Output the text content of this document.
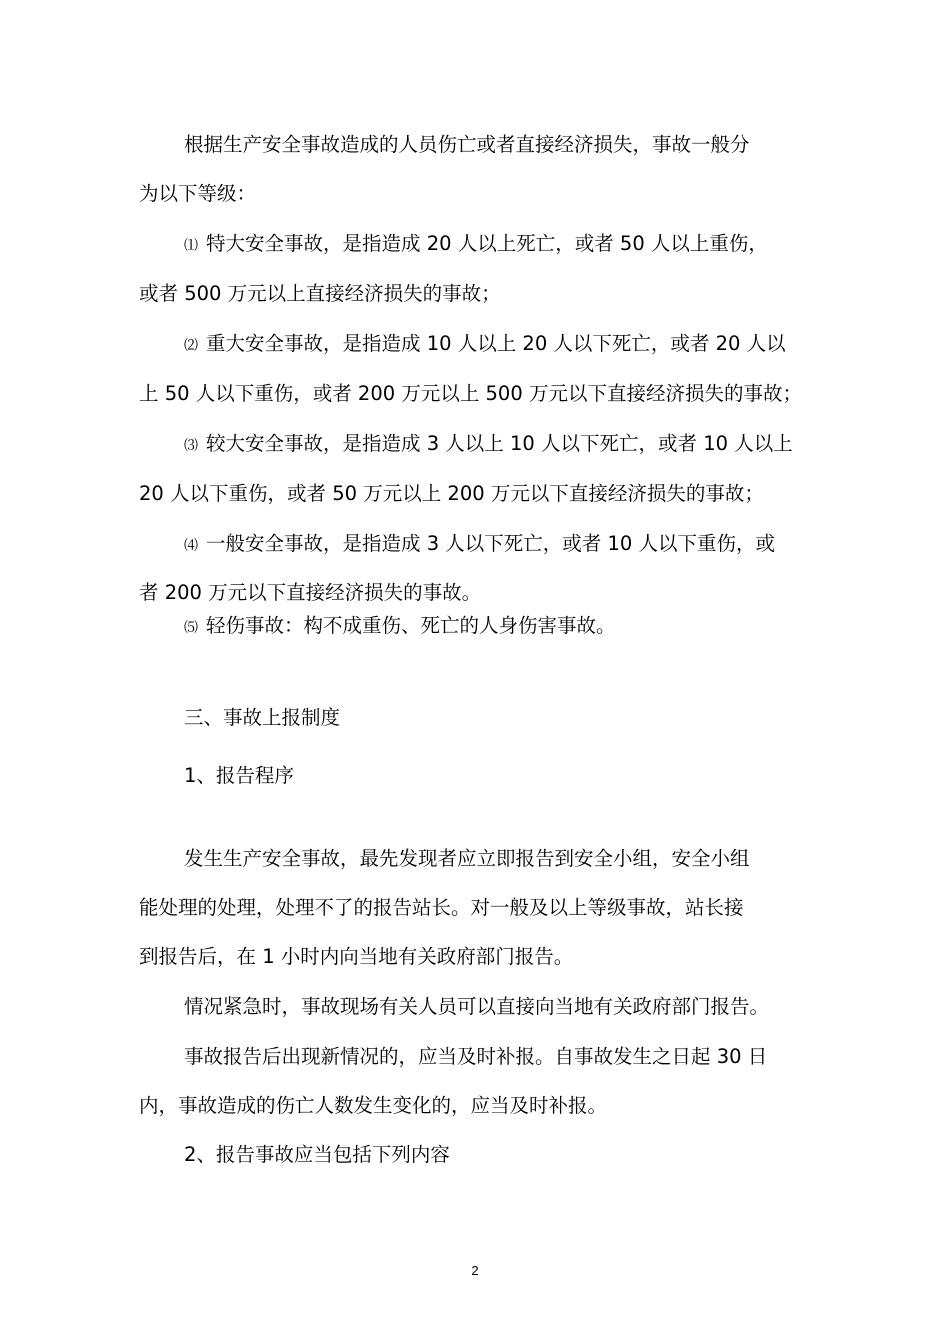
根据生产安全事故造成的人员伤亡或者直接经济损失，事故一般分
为以下等级：
⑴ 特大安全事故，是指造成 20 人以上死亡，或者 50 人以上重伤，
或者 500 万元以上直接经济损失的事故；
⑵ 重大安全事故，是指造成 10 人以上 20 人以下死亡，或者 20 人以
上 50 人以下重伤，或者 200 万元以上 500 万元以下直接经济损失的事故；
⑶ 较大安全事故，是指造成 3 人以上 10 人以下死亡，或者 10 人以上
20 人以下重伤，或者 50 万元以上 200 万元以下直接经济损失的事故；
⑷ 一般安全事故，是指造成 3 人以下死亡，或者 10 人以下重伤，或
者 200 万元以下直接经济损失的事故。
⑸ 轻伤事故：构不成重伤、死亡的人身伤害事故。
三、事故上报制度
1、报告程序
发生生产安全事故，最先发现者应立即报告到安全小组，安全小组
能处理的处理，处理不了的报告站长。对一般及以上等级事故，站长接
到报告后，在 1 小时内向当地有关政府部门报告。
情况紧急时，事故现场有关人员可以直接向当地有关政府部门报告。
事故报告后出现新情况的，应当及时补报。自事故发生之日起 30 日
内，事故造成的伤亡人数发生变化的，应当及时补报。
2、报告事故应当包括下列内容
2
